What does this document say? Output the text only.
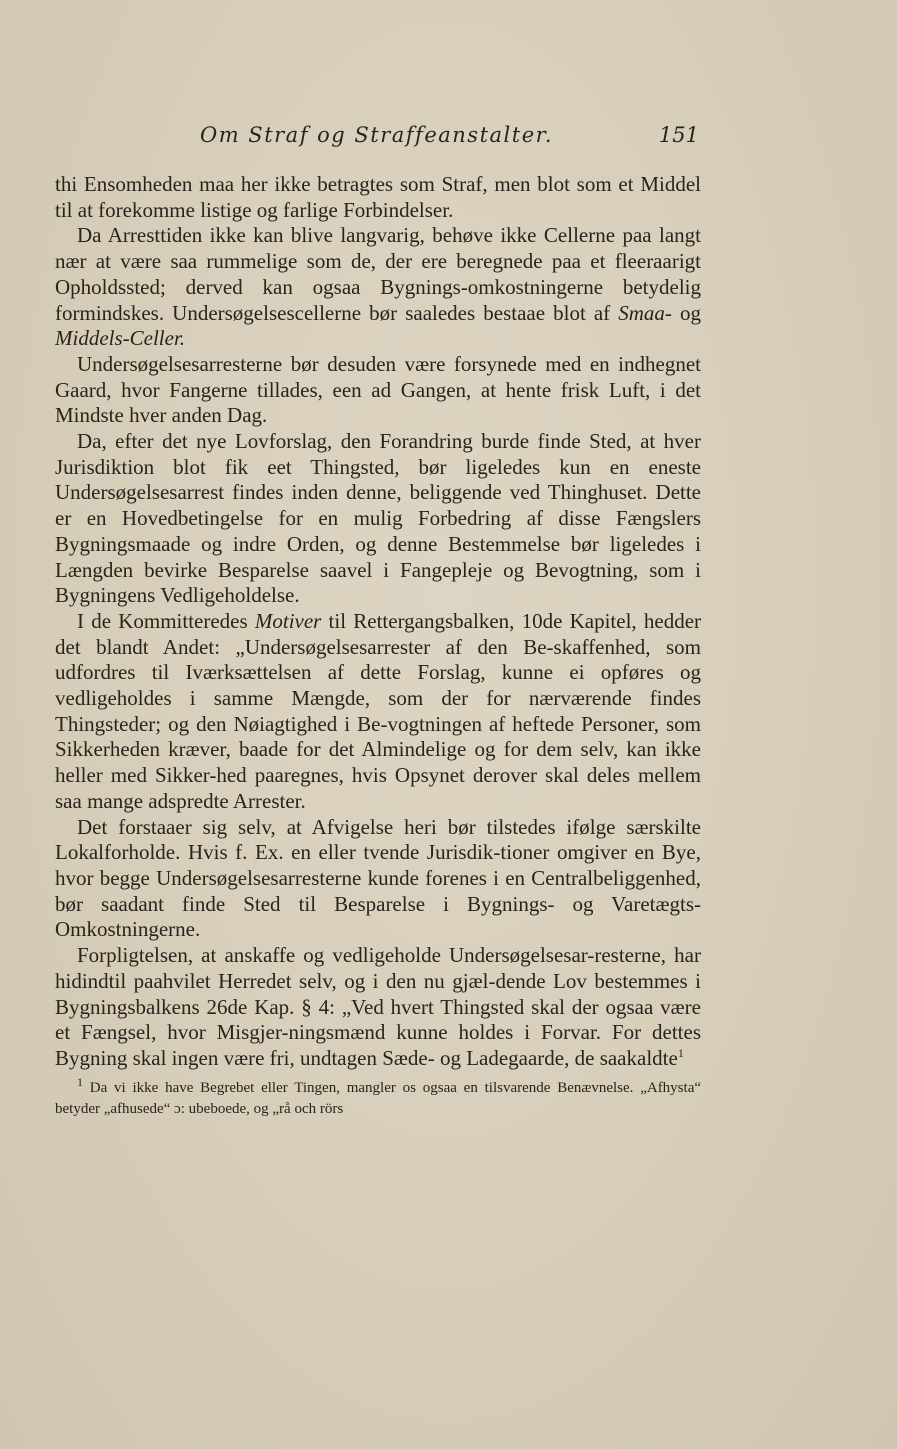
Om Straf og Straffeanstalter.	151

thi Ensomheden maa her ikke betragtes som Straf, men blot som et Middel til at forekomme listige og farlige Forbindelser.

Da Arresttiden ikke kan blive langvarig, behøve ikke Cellerne paa langt nær at være saa rummelige som de, der ere beregnede paa et fleeraarigt Opholdssted; derved kan ogsaa Bygnings-omkostningerne betydelig formindskes. Undersøgelsescellerne bør saaledes bestaae blot af Smaa- og Middels-Celler.

Undersøgelsesarresterne bør desuden være forsynede med en indhegnet Gaard, hvor Fangerne tillades, een ad Gangen, at hente frisk Luft, i det Mindste hver anden Dag.

Da, efter det nye Lovforslag, den Forandring burde finde Sted, at hver Jurisdiktion blot fik eet Thingsted, bør ligeledes kun en eneste Undersøgelsesarrest findes inden denne, beliggende ved Thinghuset. Dette er en Hovedbetingelse for en mulig Forbedring af disse Fængslers Bygningsmaade og indre Orden, og denne Bestemmelse bør ligeledes i Længden bevirke Besparelse saavel i Fangepleje og Bevogtning, som i Bygningens Vedligeholdelse.

I de Kommitteredes Motiver til Rettergangsbalken, 10de Kapitel, hedder det blandt Andet: „Undersøgelsesarrester af den Be-skaffenhed, som udfordres til Iværksættelsen af dette Forslag, kunne ei opføres og vedligeholdes i samme Mængde, som der for nærværende findes Thingsteder; og den Nøiagtighed i Be-vogtningen af heftede Personer, som Sikkerheden kræver, baade for det Almindelige og for dem selv, kan ikke heller med Sikker-hed paaregnes, hvis Opsynet derover skal deles mellem saa mange adspredte Arrester.

Det forstaaer sig selv, at Afvigelse heri bør tilstedes ifølge særskilte Lokalforholde. Hvis f. Ex. en eller tvende Jurisdik-tioner omgiver en Bye, hvor begge Undersøgelsesarresterne kunde forenes i en Centralbeliggenhed, bør saadant finde Sted til Besparelse i Bygnings- og Varetægts-Omkostningerne.

Forpligtelsen, at anskaffe og vedligeholde Undersøgelsesar-resterne, har hidindtil paahvilet Herredet selv, og i den nu gjæl-dende Lov bestemmes i Bygningsbalkens 26de Kap. § 4: „Ved hvert Thingsted skal der ogsaa være et Fængsel, hvor Misgjer-ningsmænd kunne holdes i Forvar. For dettes Bygning skal ingen være fri, undtagen Sæde- og Ladegaarde, de saakaldte$^1$

$^1$ Da vi ikke have Begrebet eller Tingen, mangler os ogsaa en tilsvarende Benævnelse. „Afhysta“ betyder „afhusede“ ɔ: ubeboede, og „rå och rörs
